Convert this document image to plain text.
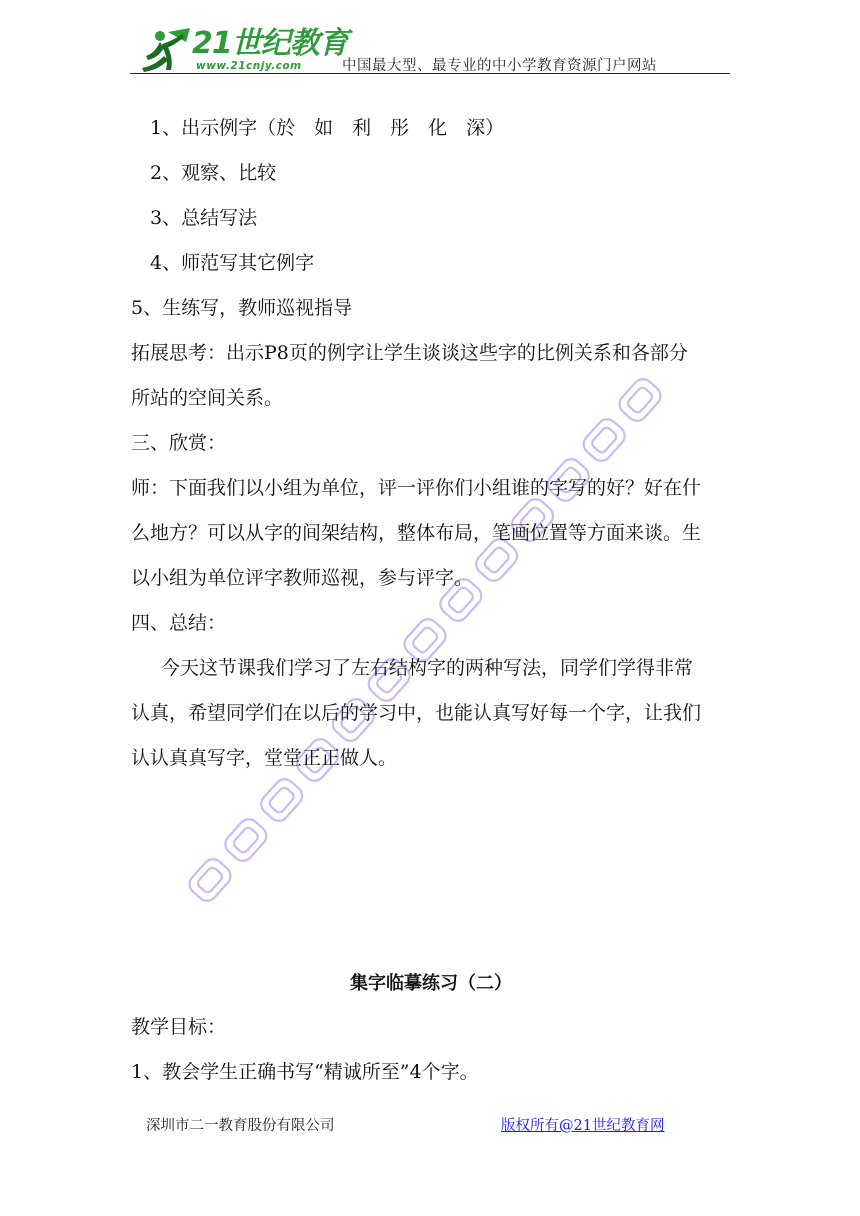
21世纪教育
www.21cnjy.com	中国最大型、最专业的中小学教育资源门户网站
1、出示例字（於　如　利　彤　化　深）
2、观察、比较
3、总结写法
4、师范写其它例字
5、生练写，教师巡视指导
拓展思考：出示P8页的例字让学生谈谈这些字的比例关系和各部分
所站的空间关系。
三、欣赏：
师：下面我们以小组为单位，评一评你们小组谁的字写的好？好在什
么地方？可以从字的间架结构，整体布局，笔画位置等方面来谈。生
以小组为单位评字教师巡视，参与评字。
四、总结：
今天这节课我们学习了左右结构字的两种写法，同学们学得非常
认真，希望同学们在以后的学习中，也能认真写好每一个字，让我们
认认真真写字，堂堂正正做人。
集字临摹练习（二）
教学目标：
1、教会学生正确书写“精诚所至”4个字。
深圳市二一教育股份有限公司	版权所有@21世纪教育网
